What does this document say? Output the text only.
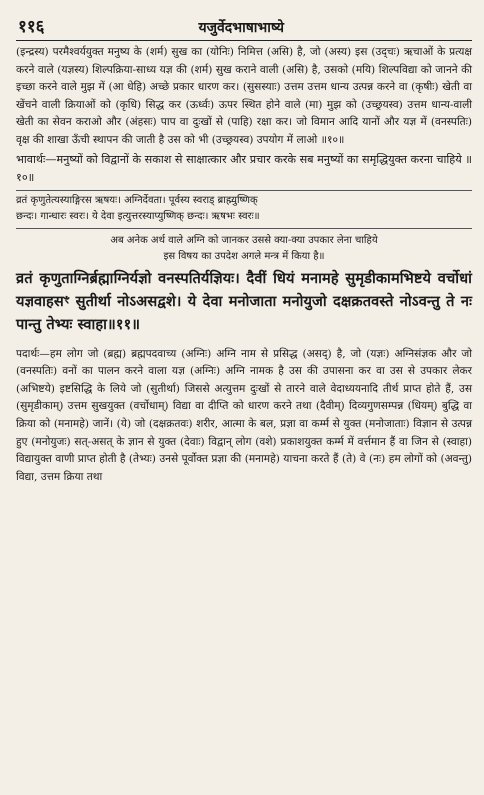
११६	यजुर्वेदभाषाभाष्ये

(इन्द्रस्य) परमैश्वर्ययुक्त मनुष्य के (शर्म) सुख का (योनिः) निमित्त (असि) है, जो (अस्य) इस (उद्‌चः) ऋचाओं के प्रत्यक्ष करने वाले (यज्ञस्य) शिल्पक्रिया-साध्य यज्ञ की (शर्म) सुख कराने वाली (असि) है, उसको (मयि) शिल्पविद्या को जानने की इच्छा करने वाले मुझ में (आ धेहि) अच्छे प्रकार धारण कर। (सुसस्याः) उत्तम उत्तम धान्य उत्पन्न करने वा (कृषीः) खेती वा खेंचने वाली क्रियाओं को (कृधि) सिद्ध कर (ऊर्ध्वः) ऊपर स्थित होने वाले (मा) मुझ को (उच्छ्रयस्व) उत्तम धान्य-वाली खेती का सेवन कराओ और (अंहसः) पाप वा दुःखों से (पाहि) रक्षा कर। जो विमान आदि यानों और यज्ञ में (वनस्पतिः) वृक्ष की शाखा ऊँची स्थापन की जाती है उस को भी (उच्छ्रयस्व) उपयोग में लाओ ॥१०॥

भावार्थः—मनुष्यों को विद्वानों के सकाश से साक्षात्कार और प्रचार करके सब मनुष्यों का समृद्धियुक्त करना चाहिये ॥१०॥

व्रतं कृणुतेत्यस्याङ्गिरस ऋषयः। अग्निर्देवता। पूर्वस्य स्वराड् ब्राह्म्युष्णिक्

छन्दः। गान्धारः स्वरः। ये देवा इत्युत्तरस्याप्युष्णिक् छन्दः। ऋषभः स्वरः॥

अब अनेक अर्थ वाले अग्नि को जानकर उससे क्या-क्या उपकार लेना चाहिये

इस विषय का उपदेश अगले मन्त्र में किया है॥

व्रतं कृणुताग्निर्ब्रह्माग्निर्यज्ञो वनस्पतिर्यज्ञियः। दैवीं धियं मनामहे सुमृडीकामभिष्टये वर्चोधां यज्ञवाहसꣳ सुतीर्था नोऽअसद्वशे। ये देवा मनोजाता मनोयुजो दक्षक्रतवस्ते नोऽवन्तु ते नः पान्तु तेभ्यः स्वाहा॥११॥

पदार्थः—हम लोग जो (ब्रह्म) ब्रह्मपदवाच्य (अग्निः) अग्नि नाम से प्रसिद्ध (असद्) है, जो (यज्ञः) अग्निसंज्ञक और जो (वनस्पतिः) वनों का पालन करने वाला यज्ञ (अग्निः) अग्नि नामक है उस की उपासना कर वा उस से उपकार लेकर (अभिष्टये) इष्टसिद्धि के लिये जो (सुतीर्था) जिससे अत्युत्तम दुःखों से तारने वाले वेदाध्ययनादि तीर्थ प्राप्त होते हैं, उस (सुमृडीकाम्) उत्तम सुखयुक्त (वर्चोधाम्) विद्या वा दीप्ति को धारण करने तथा (दैवीम्) दिव्यगुणसम्पन्न (धियम्) बुद्धि वा क्रिया को (मनामहे) जानें। (ये) जो (दक्षक्रतवः) शरीर, आत्मा के बल, प्रज्ञा वा कर्म्म से युक्त (मनोजाताः) विज्ञान से उत्पन्न हुए (मनोयुजः) सत्-असत् के ज्ञान से युक्त (देवाः) विद्वान् लोग (वशे) प्रकाशयुक्त कर्म्म में वर्त्तमान हैं वा जिन से (स्वाहा) विद्यायुक्त वाणी प्राप्त होती है (तेभ्यः) उनसे पूर्वोक्त प्रज्ञा की (मनामहे) याचना करते हैं (ते) वे (नः) हम लोगों को (अवन्तु) विद्या, उत्तम क्रिया तथा
